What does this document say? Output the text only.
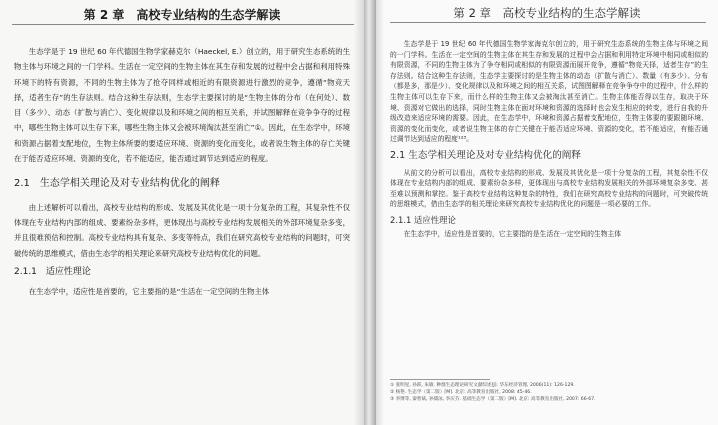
第 2 章　高校专业结构的生态学解读

生态学是于 19 世纪 60 年代德国生物学家赫克尔（Haeckel, E.）创立的，用于研究生态系统的生物主体与环境之间的一门学科。生活在一定空间的生物主体在其生存和发展的过程中会占据和利用特殊环境下的特有资源，不同的生物主体为了抢夺同样或相近的有限资源进行激烈的竞争，遵循“物竞天择，适者生存”的生存法则。结合这种生存法则，生态学主要探讨的是“生物主体的分布（在何处）、数目（多少）、动态（扩散与消亡）、变化规律以及和环境之间的相互关系，并试图解释在竞争争夺的过程中，哪些生物主体可以生存下来，哪些生物主体又会被环境淘汰甚至消亡”①。因此，在生态学中，环境和资源占据着支配地位，生物主体所要的要适应环境、资源的变化而变化，或者说生物主体的存亡关键在于能否适应环境、资源的变化，若不能适应，能否通过调节达到适应的程度。

2.1　生态学相关理论及对专业结构优化的阐释

由上述解析可以看出，高校专业结构的形成、发展及其优化是一项十分复杂的工程，其复杂性不仅体现在专业结构内部的组成、要素纷杂多样，更体现出与高校专业结构发展相关的外部环境复杂多变，并且很难预估和控制。高校专业结构具有复杂、多变等特点，我们在研究高校专业结构的问题时，可突破传统的思维模式，借由生态学的相关理论来研究高校专业结构优化的问题。

2.1.1　适应性理论

在生态学中，适应性是首要的，它主要指的是“生活在一定空间的生物主体

第 2 章　高校专业结构的生态学解读

生态学是于 19 世纪 60 年代德国生物学家海克尔创立的，用于研究生态系统的生物主体与环境之间的一门学科。生活在一定空间的生物主体在其生存和发展的过程中会占据和利用特定环境中相同或相似的有限资源，不同的生物主体为了争夺相同或相似的有限资源而展开竞争，遵循“物竞天择，适者生存”的生存法则。结合这种生存法则，生态学主要探讨的是生物主体的动态（扩散与消亡）、数量（有多少）、分布（都是多，那是少）、变化规律以及和环境之间的相互关系，试图图解释在竞争争夺中的过程中，什么样的生物主体可以生存下来，而什么样的生物主体又会被淘汰甚至消亡。生物主体能否得以生存，取决于环境、资源对它做出的选择，同时生物主体在面对环境和资源的选择时也会发生相应的转变，进行自我的升级改造来适应环境的需要。因此，在生态学中，环境和资源占据着支配地位，生物主体要的要跟随环境、资源的变化而变化，或者说生物主体的存亡关键在于能否适应环境、资源的变化，若不能适应，有能否通过调节达到适应的程度¹²³。

2.1 生态学相关理论及对专业结构优化的阐释

从前文的分析可以看出，高校专业结构的形成、发展及其优化是一项十分复杂的工程，其复杂性不仅体现在专业结构内部的组成、要素纷杂多样，更体现出与高校专业结构发展相关的外部环境复杂多变、甚至难以预测和掌控。鉴于高校专业结构这种复杂的特性，我们在研究高校专业结构的问题时，可突破传统的思维模式，借由生态学的相关理论来研究高校专业结构优化的问题是一项必要的工作。

2.1.1 适应性理论

在生态学中，适应性是首要的，它主要指的是生活在一定空间的生物主体

① 张明星, 孙跃, 朱敏. 种群生态理论研究文献综述[J]. 华东经济管理, 2006(11): 126-129.
② 杨艳. 生态学（第二版）[M]. 北京: 高等教育出版社, 2008: 45-46.
③ 李博等, 秦智斌, 孙儒泳, 李庆芬. 基础生态学（第二版）[M]. 北京: 高等教育出版社, 2007: 66-67.
